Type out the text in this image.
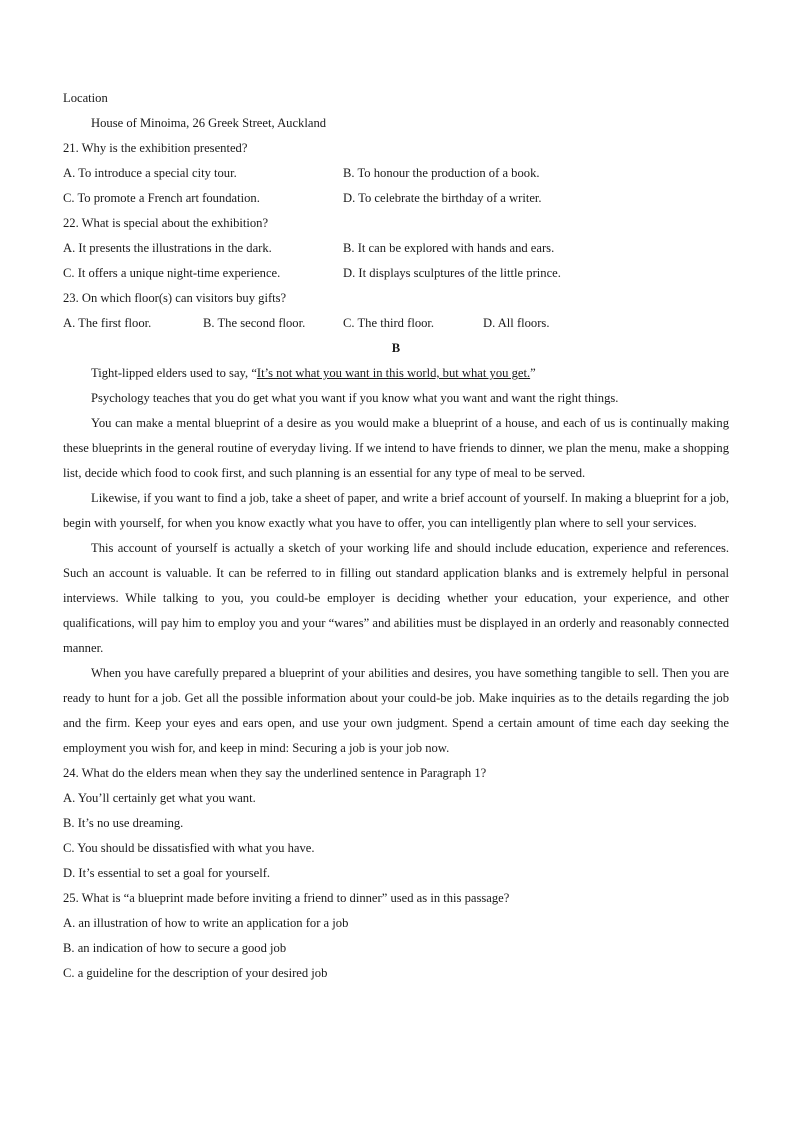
Location

House of Minoima, 26 Greek Street, Auckland

21. Why is the exhibition presented?

A. To introduce a special city tour.	B. To honour the production of a book.
C. To promote a French art foundation.	D. To celebrate the birthday of a writer.

22. What is special about the exhibition?

A. It presents the illustrations in the dark.	B. It can be explored with hands and ears.
C. It offers a unique night-time experience.	D. It displays sculptures of the little prince.

23. On which floor(s) can visitors buy gifts?

A. The first floor.	B. The second floor.	C. The third floor.	D. All floors.

B

Tight-lipped elders used to say, “It’s not what you want in this world, but what you get.”

Psychology teaches that you do get what you want if you know what you want and want the right things.

You can make a mental blueprint of a desire as you would make a blueprint of a house, and each of us is continually making these blueprints in the general routine of everyday living. If we intend to have friends to dinner, we plan the menu, make a shopping list, decide which food to cook first, and such planning is an essential for any type of meal to be served.

Likewise, if you want to find a job, take a sheet of paper, and write a brief account of yourself. In making a blueprint for a job, begin with yourself, for when you know exactly what you have to offer, you can intelligently plan where to sell your services.

This account of yourself is actually a sketch of your working life and should include education, experience and references. Such an account is valuable. It can be referred to in filling out standard application blanks and is extremely helpful in personal interviews. While talking to you, you could-be employer is deciding whether your education, your experience, and other qualifications, will pay him to employ you and your “wares” and abilities must be displayed in an orderly and reasonably connected manner.

When you have carefully prepared a blueprint of your abilities and desires, you have something tangible to sell. Then you are ready to hunt for a job. Get all the possible information about your could-be job. Make inquiries as to the details regarding the job and the firm. Keep your eyes and ears open, and use your own judgment. Spend a certain amount of time each day seeking the employment you wish for, and keep in mind: Securing a job is your job now.

24. What do the elders mean when they say the underlined sentence in Paragraph 1?

A. You’ll certainly get what you want.

B. It’s no use dreaming.

C. You should be dissatisfied with what you have.

D. It’s essential to set a goal for yourself.

25. What is “a blueprint made before inviting a friend to dinner” used as in this passage?

A. an illustration of how to write an application for a job

B. an indication of how to secure a good job

C. a guideline for the description of your desired job
